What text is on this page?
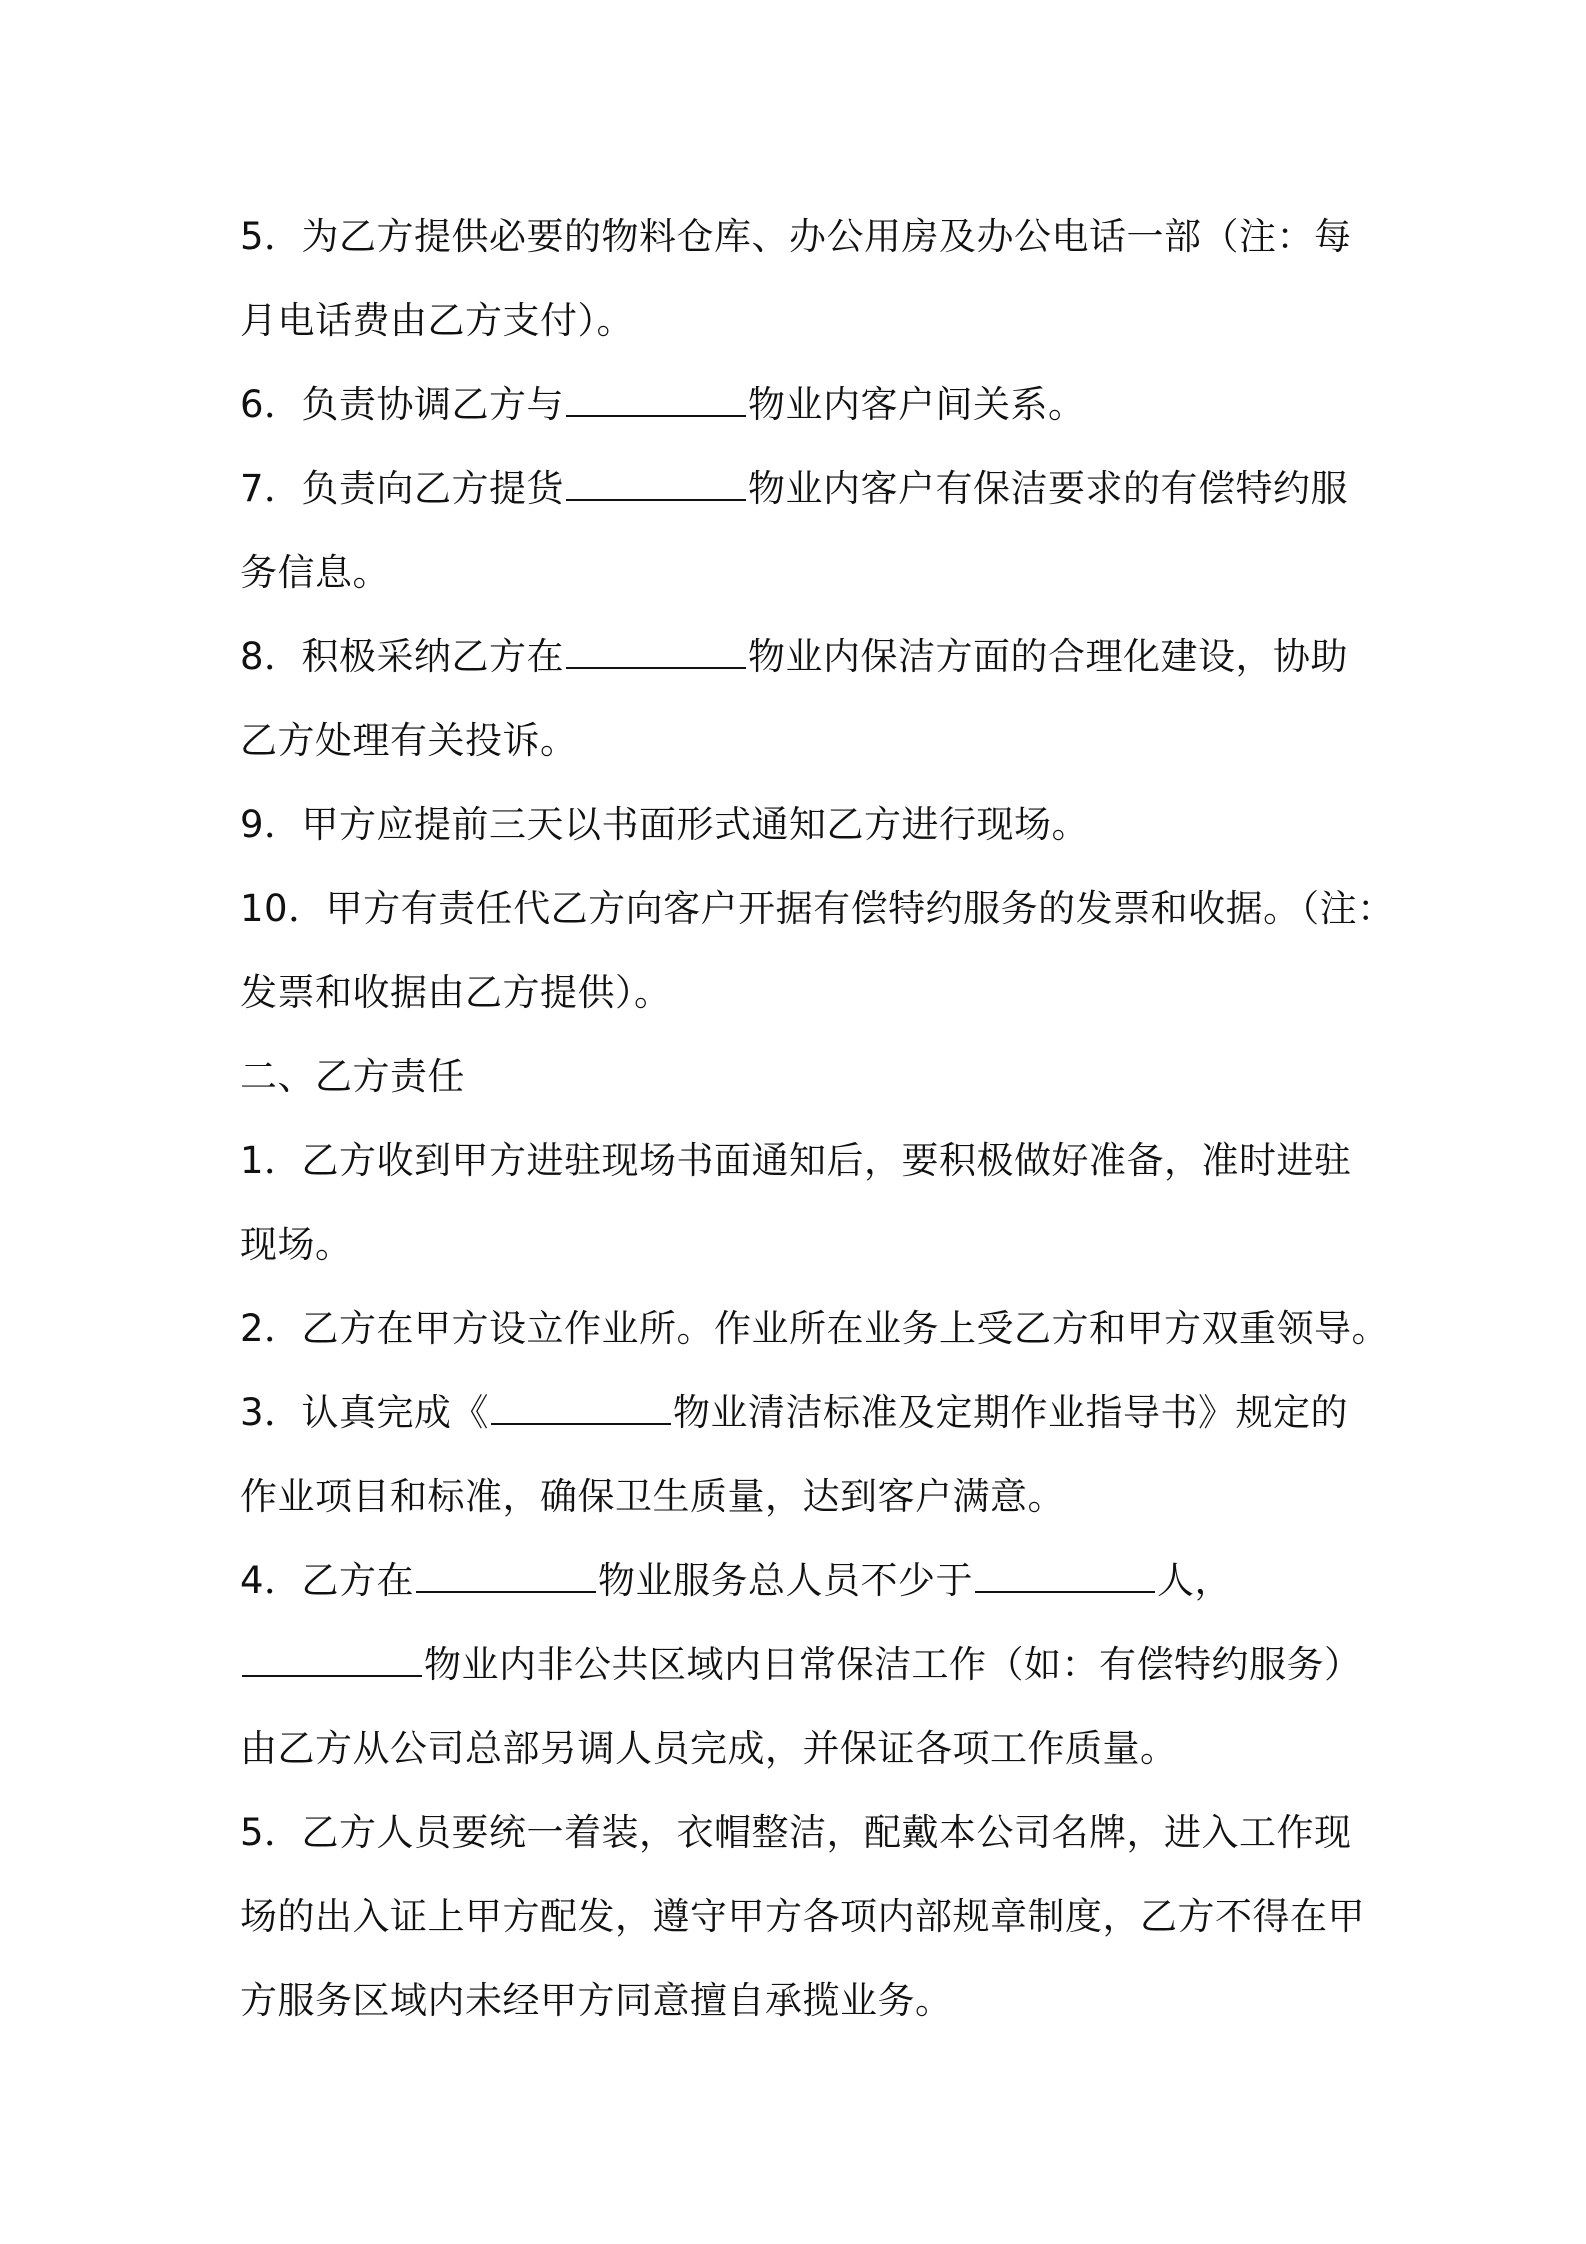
5．为乙方提供必要的物料仓库、办公用房及办公电话一部（注：每
月电话费由乙方支付）。

6．负责协调乙方与	物业内客户间关系。

7．负责向乙方提货	物业内客户有保洁要求的有偿特约服
务信息。

8．积极采纳乙方在	物业内保洁方面的合理化建设，协助
乙方处理有关投诉。

9．甲方应提前三天以书面形式通知乙方进行现场。

10．甲方有责任代乙方向客户开据有偿特约服务的发票和收据。（注：
发票和收据由乙方提供）。

二、乙方责任

1．乙方收到甲方进驻现场书面通知后，要积极做好准备，准时进驻
现场。

2．乙方在甲方设立作业所。作业所在业务上受乙方和甲方双重领导。

3．认真完成《	物业清洁标准及定期作业指导书》规定的
作业项目和标准，确保卫生质量，达到客户满意。

4．乙方在	物业服务总人员不少于	人，
物业内非公共区域内日常保洁工作（如：有偿特约服务）
由乙方从公司总部另调人员完成，并保证各项工作质量。

5．乙方人员要统一着装，衣帽整洁，配戴本公司名牌，进入工作现
场的出入证上甲方配发，遵守甲方各项内部规章制度，乙方不得在甲
方服务区域内未经甲方同意擅自承揽业务。
